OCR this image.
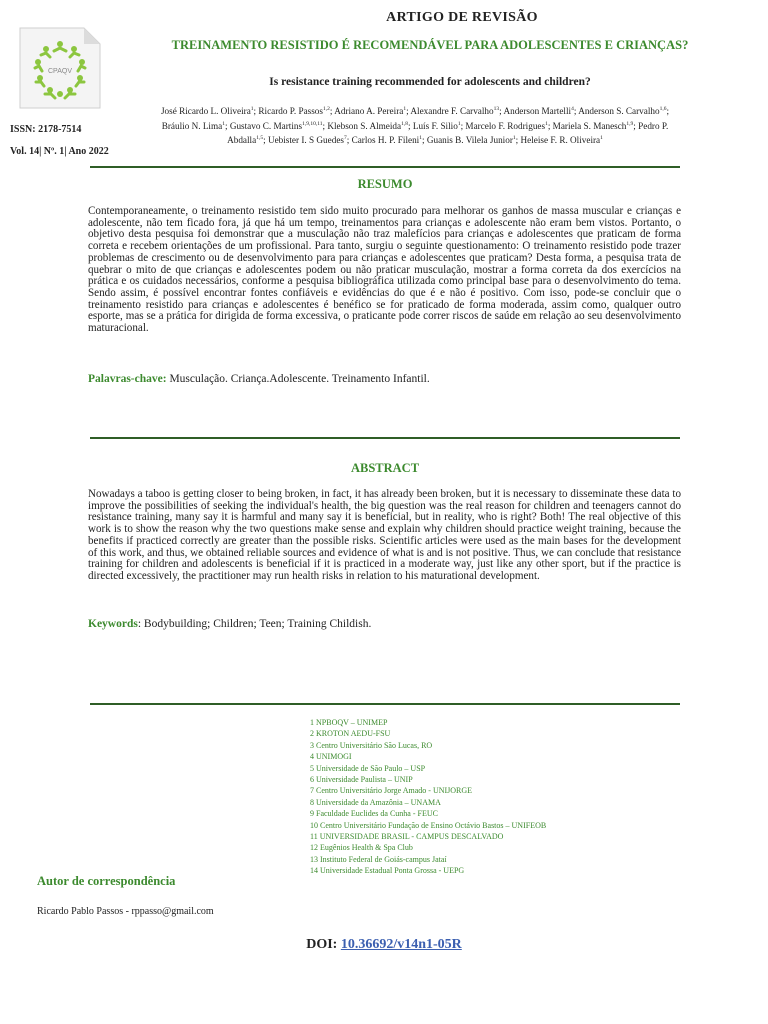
CPAQV
ISSN: 2178-7514
Vol. 14| Nº. 1| Ano 2022
ARTIGO DE REVISÃO
TREINAMENTO RESISTIDO É RECOMENDÁVEL PARA ADOLESCENTES E CRIANÇAS?
Is resistance training recommended for adolescents and children?
José Ricardo L. Oliveira$^1$; Ricardo P. Passos$^{1,2}$; Adriano A. Pereira$^1$; Alexandre F. Carvalho$^{13}$; Anderson Martelli$^4$; Anderson S. Carvalho$^{1,6}$; Bráulio N. Lima$^1$; Gustavo C. Martins$^{1,9,10,11}$; Klebson S. Almeida$^{1,8}$; Luís F. Silio$^1$; Marcelo F. Rodrigues$^1$; Mariela S. Manesch$^{1,9}$; Pedro P. Abdalla$^{1,5}$; Uebister I. S Guedes$^7$; Carlos H. P. Fileni$^1$; Guanis B. Vilela Junior$^1$; Heleise F. R. Oliveira$^1$
RESUMO
Contemporaneamente, o treinamento resistido tem sido muito procurado para melhorar os ganhos de massa muscular e crianças e adolescente, não tem ficado fora, já que há um tempo, treinamentos para crianças e adolescente não eram bem vistos. Portanto, o objetivo desta pesquisa foi demonstrar que a musculação não traz malefícios para crianças e adolescentes que praticam de forma correta e recebem orientações de um profissional. Para tanto, surgiu o seguinte questionamento: O treinamento resistido pode trazer problemas de crescimento ou de desenvolvimento para para crianças e adolescentes que praticam? Desta forma, a pesquisa trata de quebrar o mito de que crianças e adolescentes podem ou não praticar musculação, mostrar a forma correta da dos exercícios na prática e os cuidados necessários, conforme a pesquisa bibliográfica utilizada como principal base para o desenvolvimento do tema. Sendo assim, é possível encontrar fontes confiáveis e evidências do que é e não é positivo. Com isso, pode-se concluir que o treinamento resistido para crianças e adolescentes é benéfico se for praticado de forma moderada, assim como, qualquer outro esporte, mas se a prática for dirigida de forma excessiva, o praticante pode correr riscos de saúde em relação ao seu desenvolvimento maturacional.
Palavras-chave: Musculação. Criança.Adolescente. Treinamento Infantil.
ABSTRACT
Nowadays a taboo is getting closer to being broken, in fact, it has already been broken, but it is necessary to disseminate these data to improve the possibilities of seeking the individual's health, the big question was the real reason for children and teenagers cannot do resistance training, many say it is harmful and many say it is beneficial, but in reality, who is right? Both! The real objective of this work is to show the reason why the two questions make sense and explain why children should practice weight training, because the benefits if practiced correctly are greater than the possible risks. Scientific articles were used as the main bases for the development of this work, and thus, we obtained reliable sources and evidence of what is and is not positive. Thus, we can conclude that resistance training for children and adolescents is beneficial if it is practiced in a moderate way, just like any other sport, but if the practice is directed excessively, the practitioner may run health risks in relation to his maturational development.
Keywords: Bodybuilding; Children; Teen; Training Childish.
1 NPBOQV – UNIMEP
2 KROTON AEDU-FSU
3 Centro Universitário São Lucas, RO
4 UNIMOGI
5 Universidade de São Paulo – USP
6 Universidade Paulista – UNIP
7 Centro Universitário Jorge Amado - UNIJORGE
8 Universidade da Amazônia – UNAMA
9 Faculdade Euclides da Cunha - FEUC
10 Centro Universitário Fundação de Ensino Octávio Bastos – UNIFEOB
11 UNIVERSIDADE BRASIL - CAMPUS DESCALVADO
12 Eugênios Health & Spa Club
13 Instituto Federal de Goiás-campus Jataí
14 Universidade Estadual Ponta Grossa - UEPG
Autor de correspondência
Ricardo Pablo Passos - rppasso@gmail.com
DOI: 10.36692/v14n1-05R
